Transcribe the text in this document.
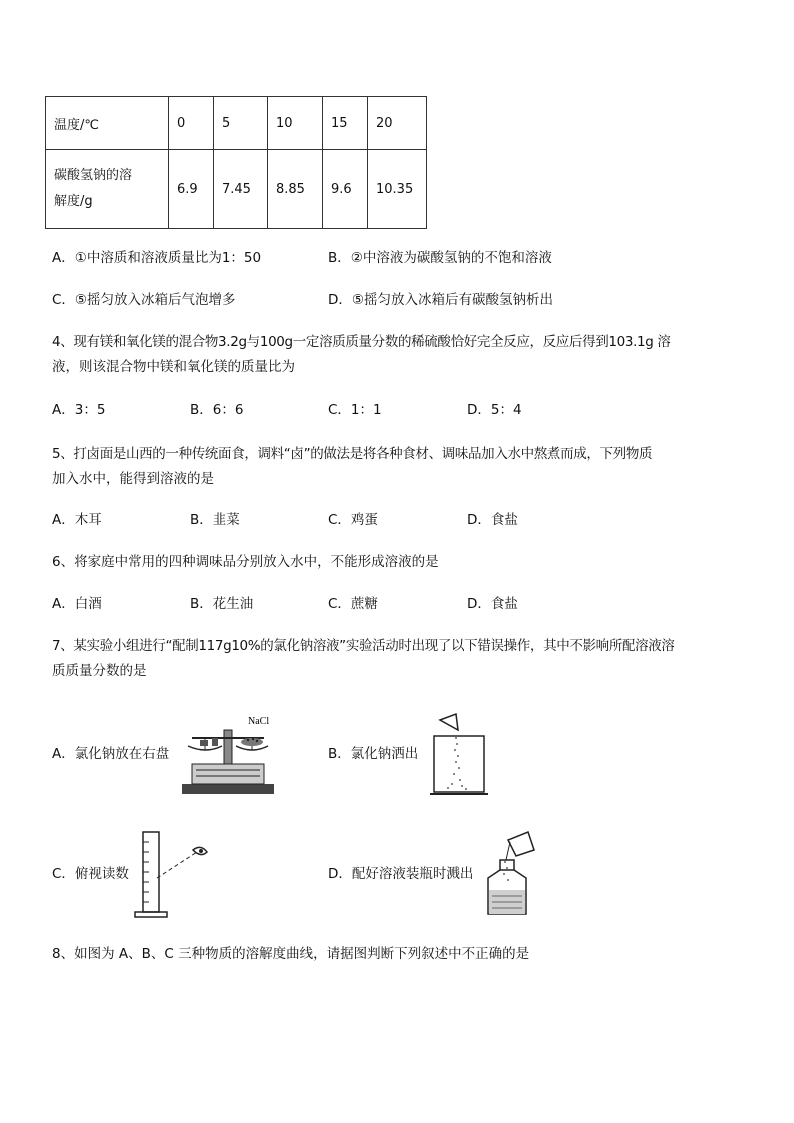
温度/℃	0	5	10	15	20

碳酸氢钠的溶
解度/g	6.9	7.45	8.85	9.6	10.35
A．①中溶质和溶液质量比为1：50	B．②中溶液为碳酸氢钠的不饱和溶液
C．⑤摇匀放入冰箱后气泡增多	D．⑤摇匀放入冰箱后有碳酸氢钠析出
4、现有镁和氧化镁的混合物3.2g与100g一定溶质质量分数的稀硫酸恰好完全反应，反应后得到103.1g 溶
液，则该混合物中镁和氧化镁的质量比为
A．3：5	B．6：6	C．1：1	D．5：4
5、打卤面是山西的一种传统面食，调料“卤”的做法是将各种食材、调味品加入水中熬煮而成，下列物质
加入水中，能得到溶液的是
A．木耳	B．韭菜	C．鸡蛋	D．食盐
6、将家庭中常用的四种调味品分别放入水中，不能形成溶液的是
A．白酒	B．花生油	C．蔗糖	D．食盐
7、某实验小组进行“配制117g10%的氯化钠溶液”实验活动时出现了以下错误操作，其中不影响所配溶液溶
质质量分数的是
A．氯化钠放在右盘	B．氯化钠洒出
C．俯视读数	D．配好溶液装瓶时溅出
NaCl
8、如图为 A、B、C 三种物质的溶解度曲线，请据图判断下列叙述中不正确的是
